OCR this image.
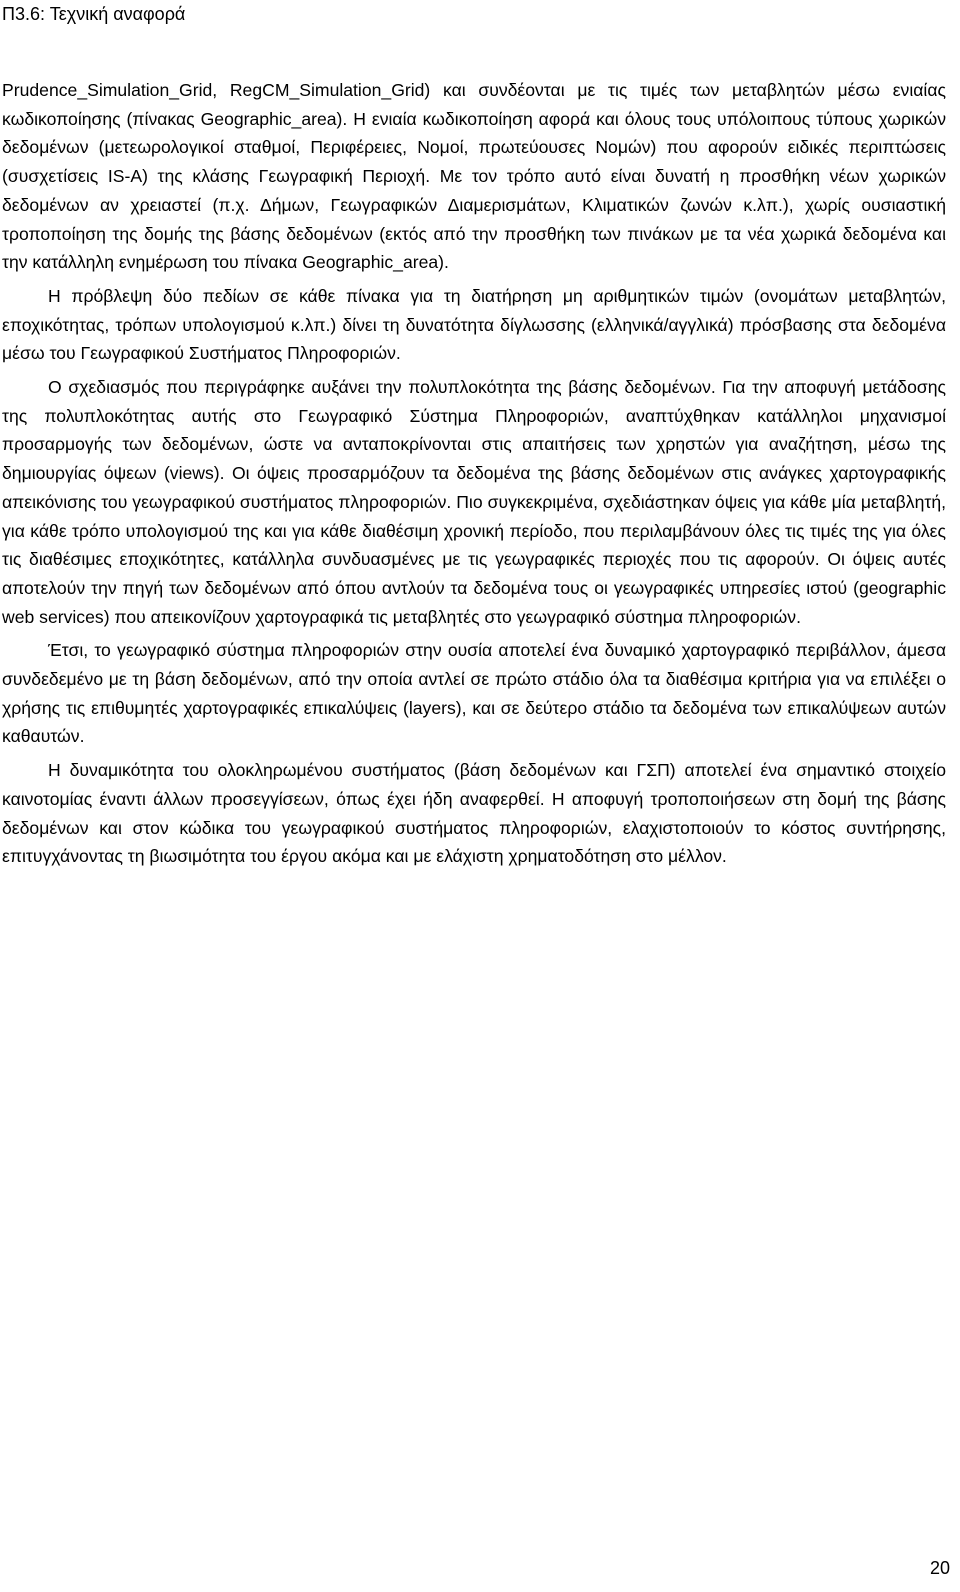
Π3.6: Τεχνική αναφορά

Prudence_Simulation_Grid, RegCM_Simulation_Grid) και συνδέονται με τις τιμές των μεταβλητών μέσω ενιαίας κωδικοποίησης (πίνακας Geographic_area). Η ενιαία κωδικοποίηση αφορά και όλους τους υπόλοιπους τύπους χωρικών δεδομένων (μετεωρολογικοί σταθμοί, Περιφέρειες, Νομοί, πρωτεύουσες Νομών) που αφορούν ειδικές περιπτώσεις (συσχετίσεις IS-A) της κλάσης Γεωγραφική Περιοχή. Με τον τρόπο αυτό είναι δυνατή η προσθήκη νέων χωρικών δεδομένων αν χρειαστεί (π.χ. Δήμων, Γεωγραφικών Διαμερισμάτων, Κλιματικών ζωνών κ.λπ.), χωρίς ουσιαστική τροποποίηση της δομής της βάσης δεδομένων (εκτός από την προσθήκη των πινάκων με τα νέα χωρικά δεδομένα και την κατάλληλη ενημέρωση του πίνακα Geographic_area).

Η πρόβλεψη δύο πεδίων σε κάθε πίνακα για τη διατήρηση μη αριθμητικών τιμών (ονομάτων μεταβλητών, εποχικότητας, τρόπων υπολογισμού κ.λπ.) δίνει τη δυνατότητα δίγλωσσης (ελληνικά/αγγλικά) πρόσβασης στα δεδομένα μέσω του Γεωγραφικού Συστήματος Πληροφοριών.

Ο σχεδιασμός που περιγράφηκε αυξάνει την πολυπλοκότητα της βάσης δεδομένων. Για την αποφυγή μετάδοσης της πολυπλοκότητας αυτής στο Γεωγραφικό Σύστημα Πληροφοριών, αναπτύχθηκαν κατάλληλοι μηχανισμοί προσαρμογής των δεδομένων, ώστε να ανταποκρίνονται στις απαιτήσεις των χρηστών για αναζήτηση, μέσω της δημιουργίας όψεων (views). Οι όψεις προσαρμόζουν τα δεδομένα της βάσης δεδομένων στις ανάγκες χαρτογραφικής απεικόνισης του γεωγραφικού συστήματος πληροφοριών. Πιο συγκεκριμένα, σχεδιάστηκαν όψεις για κάθε μία μεταβλητή, για κάθε τρόπο υπολογισμού της και για κάθε διαθέσιμη χρονική περίοδο, που περιλαμβάνουν όλες τις τιμές της για όλες τις διαθέσιμες εποχικότητες, κατάλληλα συνδυασμένες με τις γεωγραφικές περιοχές που τις αφορούν. Οι όψεις αυτές αποτελούν την πηγή των δεδομένων από όπου αντλούν τα δεδομένα τους οι γεωγραφικές υπηρεσίες ιστού (geographic web services) που απεικονίζουν χαρτογραφικά τις μεταβλητές στο γεωγραφικό σύστημα πληροφοριών.

Έτσι, το γεωγραφικό σύστημα πληροφοριών στην ουσία αποτελεί ένα δυναμικό χαρτογραφικό περιβάλλον, άμεσα συνδεδεμένο με τη βάση δεδομένων, από την οποία αντλεί σε πρώτο στάδιο όλα τα διαθέσιμα κριτήρια για να επιλέξει ο χρήσης τις επιθυμητές χαρτογραφικές επικαλύψεις (layers), και σε δεύτερο στάδιο τα δεδομένα των επικαλύψεων αυτών καθαυτών.

Η δυναμικότητα του ολοκληρωμένου συστήματος (βάση δεδομένων και ΓΣΠ) αποτελεί ένα σημαντικό στοιχείο καινοτομίας έναντι άλλων προσεγγίσεων, όπως έχει ήδη αναφερθεί. Η αποφυγή τροποποιήσεων στη δομή της βάσης δεδομένων και στον κώδικα του γεωγραφικού συστήματος πληροφοριών, ελαχιστοποιούν το κόστος συντήρησης, επιτυγχάνοντας τη βιωσιμότητα του έργου ακόμα και με ελάχιστη χρηματοδότηση στο μέλλον.

20
